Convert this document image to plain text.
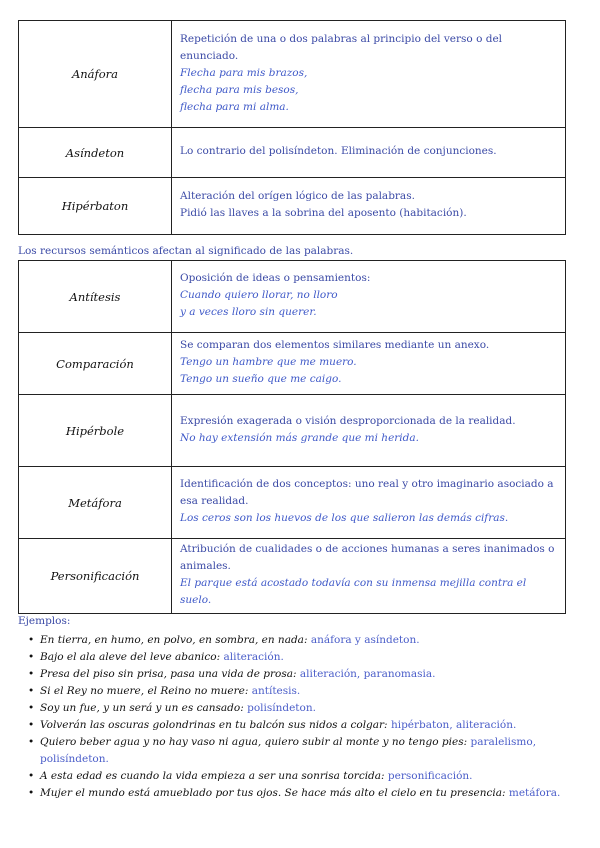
Anáfora	Repetición de una o dos palabras al principio del verso o del enunciado.
Flecha para mis brazos,
flecha para mis besos,
flecha para mi alma.

Asíndeton	Lo contrario del polisíndeton. Eliminación de conjunciones.

Hipérbaton	Alteración del orígen lógico de las palabras.
Pidió las llaves a la sobrina del aposento (habitación).
Los recursos semánticos afectan al significado de las palabras.
Antítesis	Oposición de ideas o pensamientos:
Cuando quiero llorar, no lloro
y a veces lloro sin querer.

Comparación	Se comparan dos elementos similares mediante un anexo.
Tengo un hambre que me muero.
Tengo un sueño que me caigo.

Hipérbole	Expresión exagerada o visión desproporcionada de la realidad.
No hay extensión más grande que mi herida.

Metáfora	Identificación de dos conceptos: uno real y otro imaginario asociado a esa realidad.
Los ceros son los huevos de los que salieron las demás cifras.

Personificación	Atribución de cualidades o de acciones humanas a seres inanimados o animales.
El parque está acostado todavía con su inmensa mejilla contra el suelo.
Ejemplos:
• En tierra, en humo, en polvo, en sombra, en nada: anáfora y asíndeton.
• Bajo el ala aleve del leve abanico: aliteración.
• Presa del piso sin prisa, pasa una vida de prosa: aliteración, paranomasia.
• Si el Rey no muere, el Reino no muere: antítesis.
• Soy un fue, y un será y un es cansado: polisíndeton.
• Volverán las oscuras golondrinas en tu balcón sus nidos a colgar: hipérbaton, aliteración.
• Quiero beber agua y no hay vaso ni agua, quiero subir al monte y no tengo pies: paralelismo, polisíndeton.
• A esta edad es cuando la vida empieza a ser una sonrisa torcida: personificación.
• Mujer el mundo está amueblado por tus ojos. Se hace más alto el cielo en tu presencia: metáfora.
